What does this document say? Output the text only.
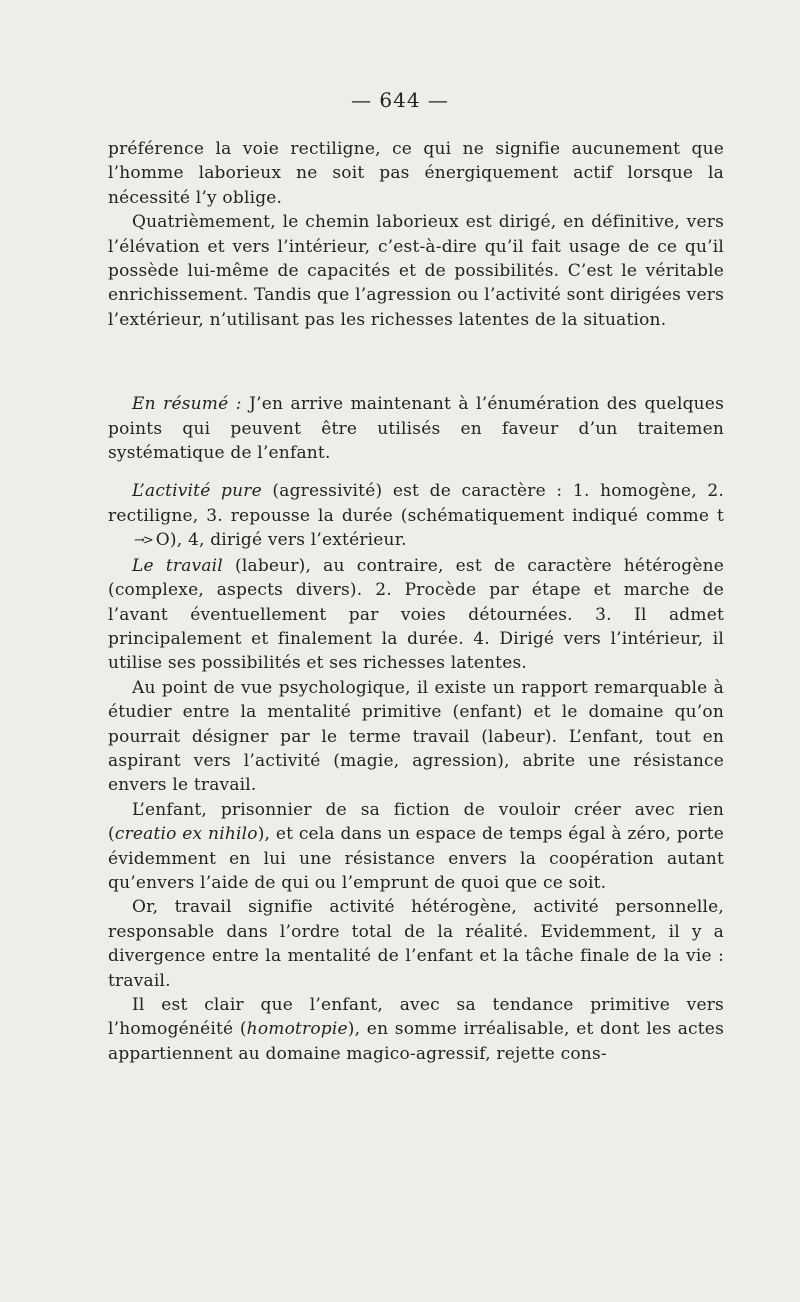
— 644 —

préférence la voie rectiligne, ce qui ne signifie aucunement que l’homme laborieux ne soit pas énergiquement actif lorsque la nécessité l’y oblige.

Quatrièmement, le chemin laborieux est dirigé, en définitive, vers l’élévation et vers l’intérieur, c’est-à-dire qu’il fait usage de ce qu’il possède lui-même de capacités et de possibilités. C’est le véritable enrichissement. Tandis que l’agression ou l’activité sont dirigées vers l’extérieur, n’utilisant pas les richesses latentes de la situation.

En résumé : J’en arrive maintenant à l’énumération des quelques points qui peuvent être utilisés en faveur d’un traitemen systématique de l’enfant.

L’activité pure (agressivité) est de caractère : 1. homogène, 2. rectiligne, 3. repousse la durée (schématiquement indiqué comme t→> O), 4, dirigé vers l’extérieur.

Le travail (labeur), au contraire, est de caractère hétérogène (complexe, aspects divers). 2. Procède par étape et marche de l’avant éventuellement par voies détournées. 3. Il admet principalement et finalement la durée. 4. Dirigé vers l’intérieur, il utilise ses possibilités et ses richesses latentes.

Au point de vue psychologique, il existe un rapport remarquable à étudier entre la mentalité primitive (enfant) et le domaine qu’on pourrait désigner par le terme travail (labeur). L’enfant, tout en aspirant vers l’activité (magie, agression), abrite une résistance envers le travail.

L’enfant, prisonnier de sa fiction de vouloir créer avec rien (creatio ex nihilo), et cela dans un espace de temps égal à zéro, porte évidemment en lui une résistance envers la coopération autant qu’envers l’aide de qui ou l’emprunt de quoi que ce soit.

Or, travail signifie activité hétérogène, activité personnelle, responsable dans l’ordre total de la réalité. Evidemment, il y a divergence entre la mentalité de l’enfant et la tâche finale de la vie : travail.

Il est clair que l’enfant, avec sa tendance primitive vers l’homogénéité (homotropie), en somme irréalisable, et dont les actes appartiennent au domaine magico-agressif, rejette cons-
